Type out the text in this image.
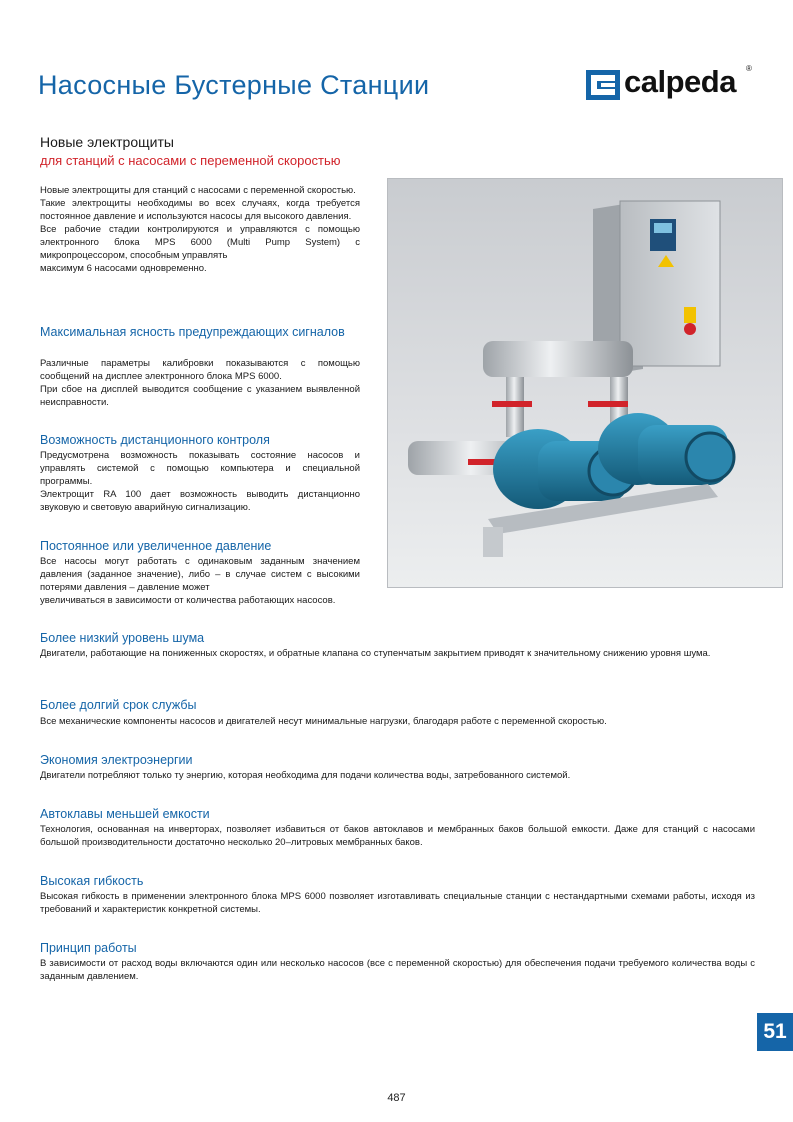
Насосные Бустерные Станции	calpeda ®
Новые электрощиты
для станций с насосами с переменной скоростью
Новые электрощиты для станций с насосами с переменной скоростью.
Такие электрощиты необходимы во всех случаях, когда требуется постоянное давление и используются насосы для высокого давления.
Все рабочие стадии контролируются и управляются с помощью электронного блока MPS 6000 (Multi Pump System) с микропроцессором, способным управлять
максимум 6 насосами одновременно.
Максимальная ясность предупреждающих сигналов
Различные параметры калибровки показываются с помощью сообщений на дисплее электронного блока MPS 6000.
При сбое на дисплей выводится сообщение с указанием выявленной неисправности.
Возможность дистанционного контроля
Предусмотрена возможность показывать состояние насосов и управлять системой с помощью компьютера и специальной программы.
Электрощит RA 100 дает возможность выводить дистанционно звуковую и световую аварийную сигнализацию.
Постоянное или увеличенное давление
Все насосы могут работать с одинаковым заданным значением давления (заданное значение), либо – в случае систем с высокими потерями давления – давление может
увеличиваться в зависимости от количества работающих насосов.
Более низкий уровень шума
Двигатели, работающие на пониженных скоростях, и обратные клапана со ступенчатым закрытием приводят к значительному снижению уровня шума.
Более долгий срок службы
Все механические компоненты насосов и двигателей несут минимальные нагрузки, благодаря работе с переменной скоростью.
Экономия электроэнергии
Двигатели потребляют только ту энергию, которая необходима для подачи количества воды, затребованного системой.
Автоклавы меньшей емкости
Технология, основанная на инверторах, позволяет избавиться от баков автоклавов и мембранных баков большой емкости. Даже для станций с насосами большой производительности достаточно несколько 20–литровых мембранных баков.
Высокая гибкость
Высокая гибкость в применении электронного блока MPS 6000 позволяет изготавливать специальные станции с нестандартными схемами работы, исходя из требований и характеристик конкретной системы.
Принцип работы
В зависимости от расход воды включаются один или несколько насосов (все с переменной скоростью) для обеспечения подачи требуемого количества воды с заданным давлением.
51
487
